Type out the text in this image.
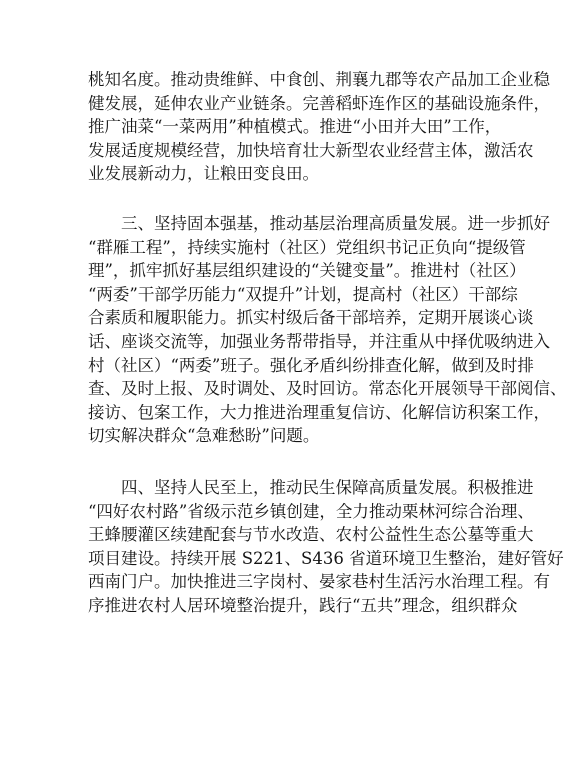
桃知名度。推动贵维鲜、中食创、荆襄九郡等农产品加工企业稳
健发展，延伸农业产业链条。完善稻虾连作区的基础设施条件，
推广油菜“一菜两用”种植模式。推进“小田并大田”工作，
发展适度规模经营，加快培育壮大新型农业经营主体，激活农
业发展新动力，让粮田变良田。
三、坚持固本强基，推动基层治理高质量发展。进一步抓好
“群雁工程”，持续实施村（社区）党组织书记正负向“提级管
理”，抓牢抓好基层组织建设的“关键变量”。推进村（社区）
“两委”干部学历能力“双提升”计划，提高村（社区）干部综
合素质和履职能力。抓实村级后备干部培养，定期开展谈心谈
话、座谈交流等，加强业务帮带指导，并注重从中择优吸纳进入
村（社区）“两委”班子。强化矛盾纠纷排查化解，做到及时排
查、及时上报、及时调处、及时回访。常态化开展领导干部阅信、
接访、包案工作，大力推进治理重复信访、化解信访积案工作，
切实解决群众“急难愁盼”问题。
四、坚持人民至上，推动民生保障高质量发展。积极推进
“四好农村路”省级示范乡镇创建，全力推动栗林河综合治理、
王蜂腰灌区续建配套与节水改造、农村公益性生态公墓等重大
项目建设。持续开展 S221、S436 省道环境卫生整治，建好管好
西南门户。加快推进三字岗村、晏家巷村生活污水治理工程。有
序推进农村人居环境整治提升，践行“五共”理念，组织群众
